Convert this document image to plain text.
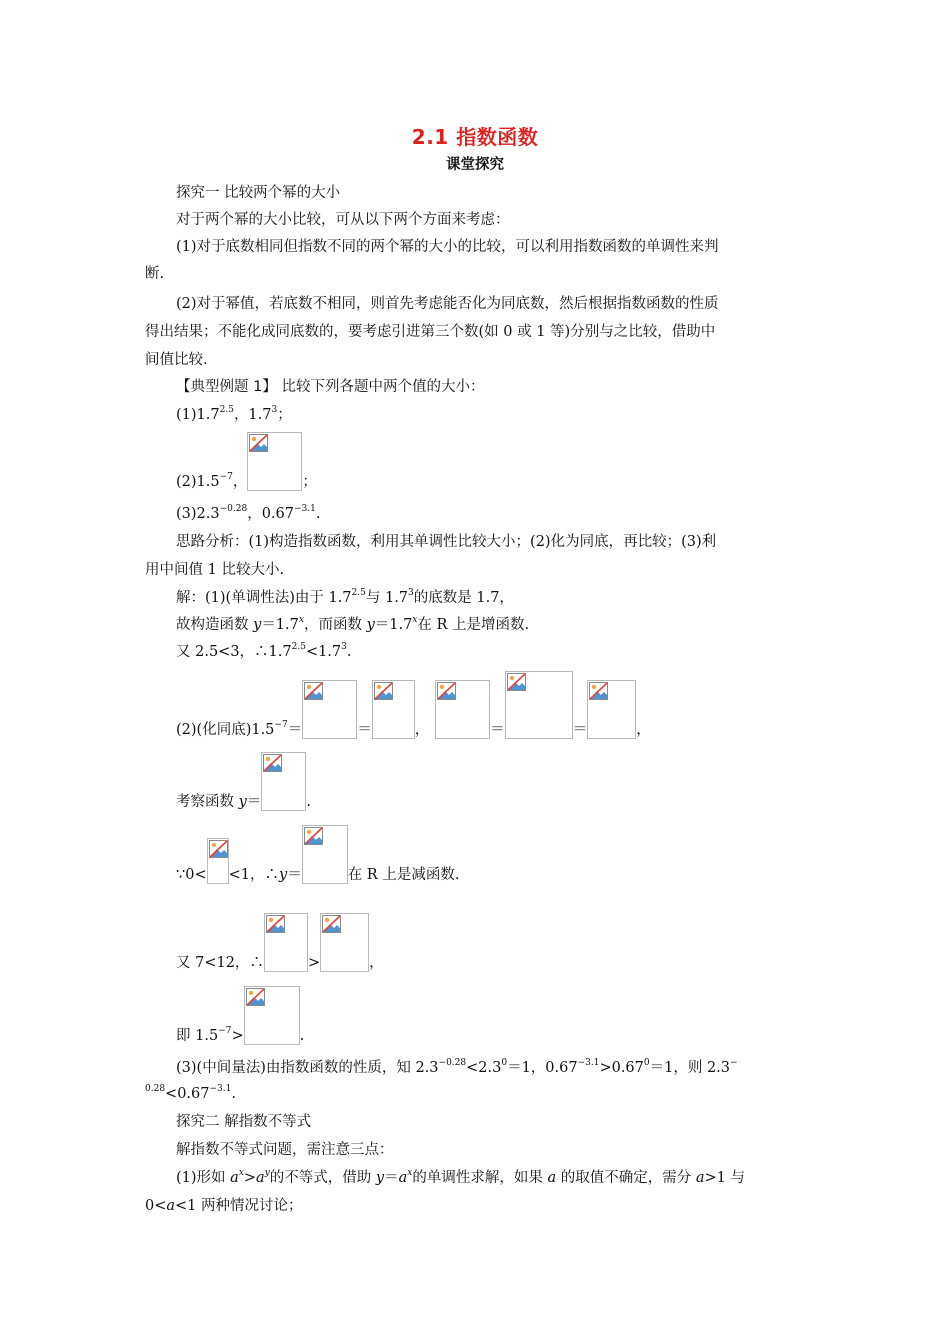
2.1 指数函数
课堂探究
探究一 比较两个幂的大小
对于两个幂的大小比较，可从以下两个方面来考虑：
(1)对于底数相同但指数不同的两个幂的大小的比较，可以利用指数函数的单调性来判
断.
(2)对于幂值，若底数不相同，则首先考虑能否化为同底数，然后根据指数函数的性质
得出结果；不能化成同底数的，要考虑引进第三个数(如 0 或 1 等)分别与之比较，借助中
间值比较.
【典型例题 1】 比较下列各题中两个值的大小：
$(1)1.7^{2.5}$，$1.7^3$；
$(2)1.5^{-7}$，	；
$(3)2.3^{-0.28}$，$0.67^{-3.1}$.
思路分析：(1)构造指数函数，利用其单调性比较大小；(2)化为同底，再比较；(3)利
用中间值 1 比较大小.
解：(1)(单调性法)由于 $1.7^{2.5}$与 $1.7^3$的底数是 1.7，
故构造函数 $y=1.7^x$，而函数 $y=1.7^x$在 R 上是增函数.
又 2.5<3，$\therefore 1.7^{2.5}<1.7^3$.
(2)(化同底)$1.5^{-7}=$	＝	，	＝	＝	，
考察函数 y＝	.
∵0< <1，∴y＝	在 R 上是减函数.
又 7<12，∴	>	，
即 $1.5^{-7}>$	.
(3)(中间量法)由指数函数的性质，知 $2.3^{-0.28}<2.3^0=1$，$0.67^{-3.1}>0.67^0=1$，则 2.3−
$^{0.28}<0.67^{-3.1}$.
探究二 解指数不等式
解指数不等式问题，需注意三点：
(1)形如 $a^x>a^y$的不等式，借助 $y=a^x$的单调性求解，如果 a 的取值不确定，需分 a>1 与
0<a<1 两种情况讨论；
